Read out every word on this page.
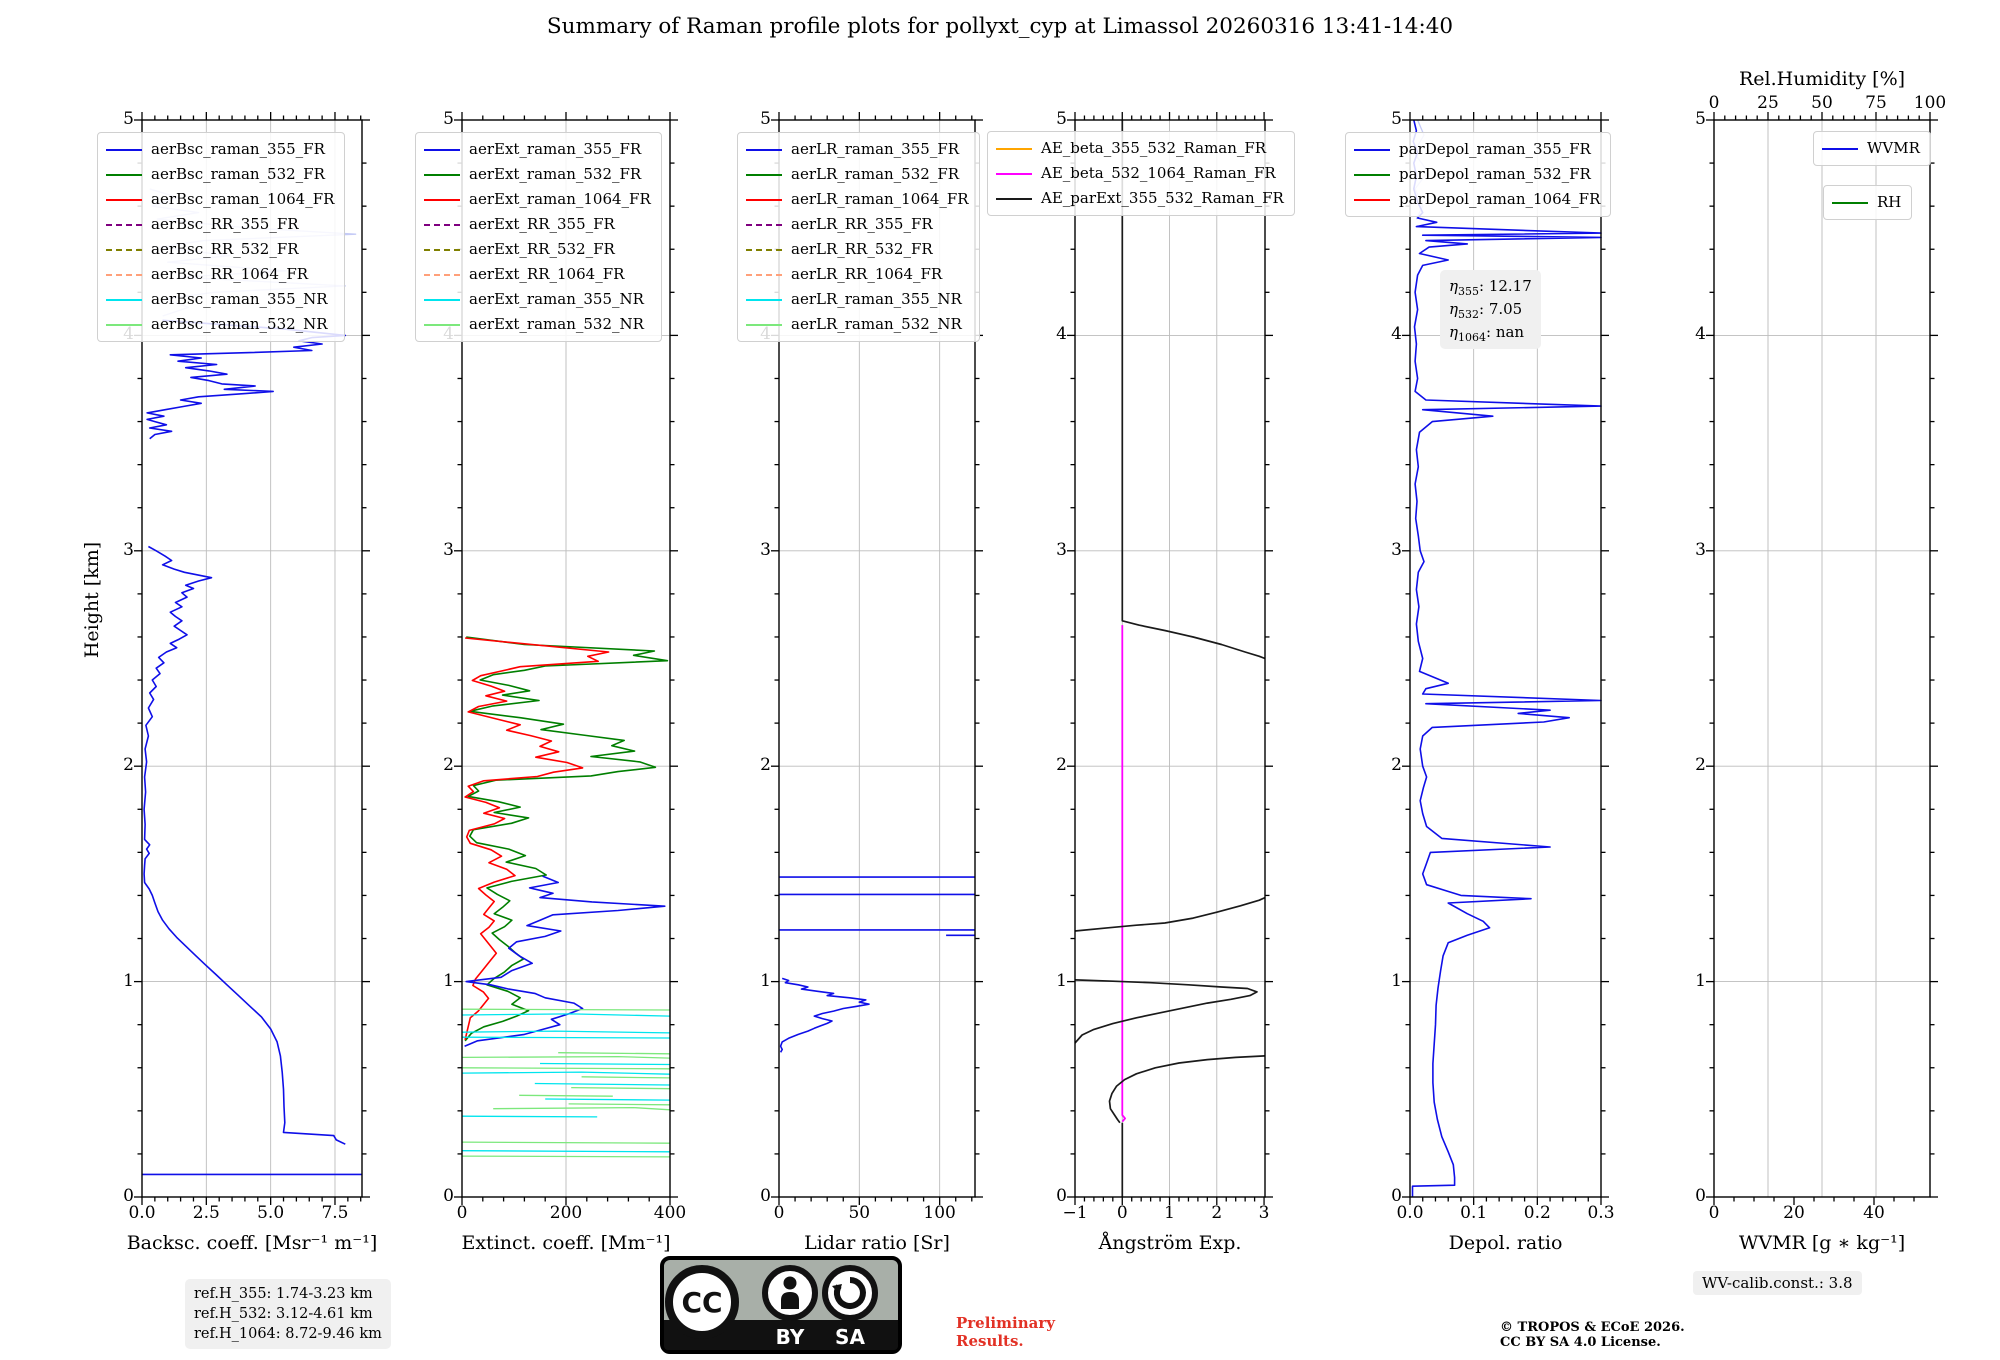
Summary of Raman profile plots for pollyxt_cyp at Limassol 20260316 13:41-14:40
Height [km]
$\eta_{355}$: 12.17
$\eta_{532}$: 7.05
$\eta_{1064}$: nan
ref.H_355: 1.74-3.23 km
ref.H_532: 3.12-4.61 km
ref.H_1064: 8.72-9.46 km
WV-calib.const.: 3.8
© TROPOS & ECoE 2026.
CC BY SA 4.0 License.
Preliminary
Results.
CC
BY SA
0.0	2.5	5.0	7.5
0
1
2
3
5
Backsc. coeff. [Msr⁻¹ m⁻¹]
aerBsc_raman_355_FR
aerBsc_raman_532_FR
aerBsc_raman_1064_FR
aerBsc_RR_355_FR
aerBsc_RR_532_FR
aerBsc_RR_1064_FR
aerBsc_raman_355_NR
aerBsc_raman_532_NR
0	200	400
0
1
2
3
5
Extinct. coeff. [Mm⁻¹]
aerExt_raman_355_FR
aerExt_raman_532_FR
aerExt_raman_1064_FR
aerExt_RR_355_FR
aerExt_RR_532_FR
aerExt_RR_1064_FR
aerExt_raman_355_NR
aerExt_raman_532_NR
0	50	100
0
1
2
3
5
Lidar ratio [Sr]
aerLR_raman_355_FR
aerLR_raman_532_FR
aerLR_raman_1064_FR
aerLR_RR_355_FR
aerLR_RR_532_FR
aerLR_RR_1064_FR
aerLR_raman_355_NR
aerLR_raman_532_NR
−1	0	1	2	3
0
1
2
3
4
5
Ångström Exp.
AE_beta_355_532_Raman_FR
AE_beta_532_1064_Raman_FR
AE_parExt_355_532_Raman_FR
0.0	0.1	0.2	0.3
0
1
2
3
4
5
Depol. ratio
parDepol_raman_355_FR
parDepol_raman_532_FR
parDepol_raman_1064_FR
0	25	50	75	100
Rel.Humidity [%]
0	20	40
0
1
2
3
4
5
WVMR [g ∗ kg⁻¹]
WVMR
RH
